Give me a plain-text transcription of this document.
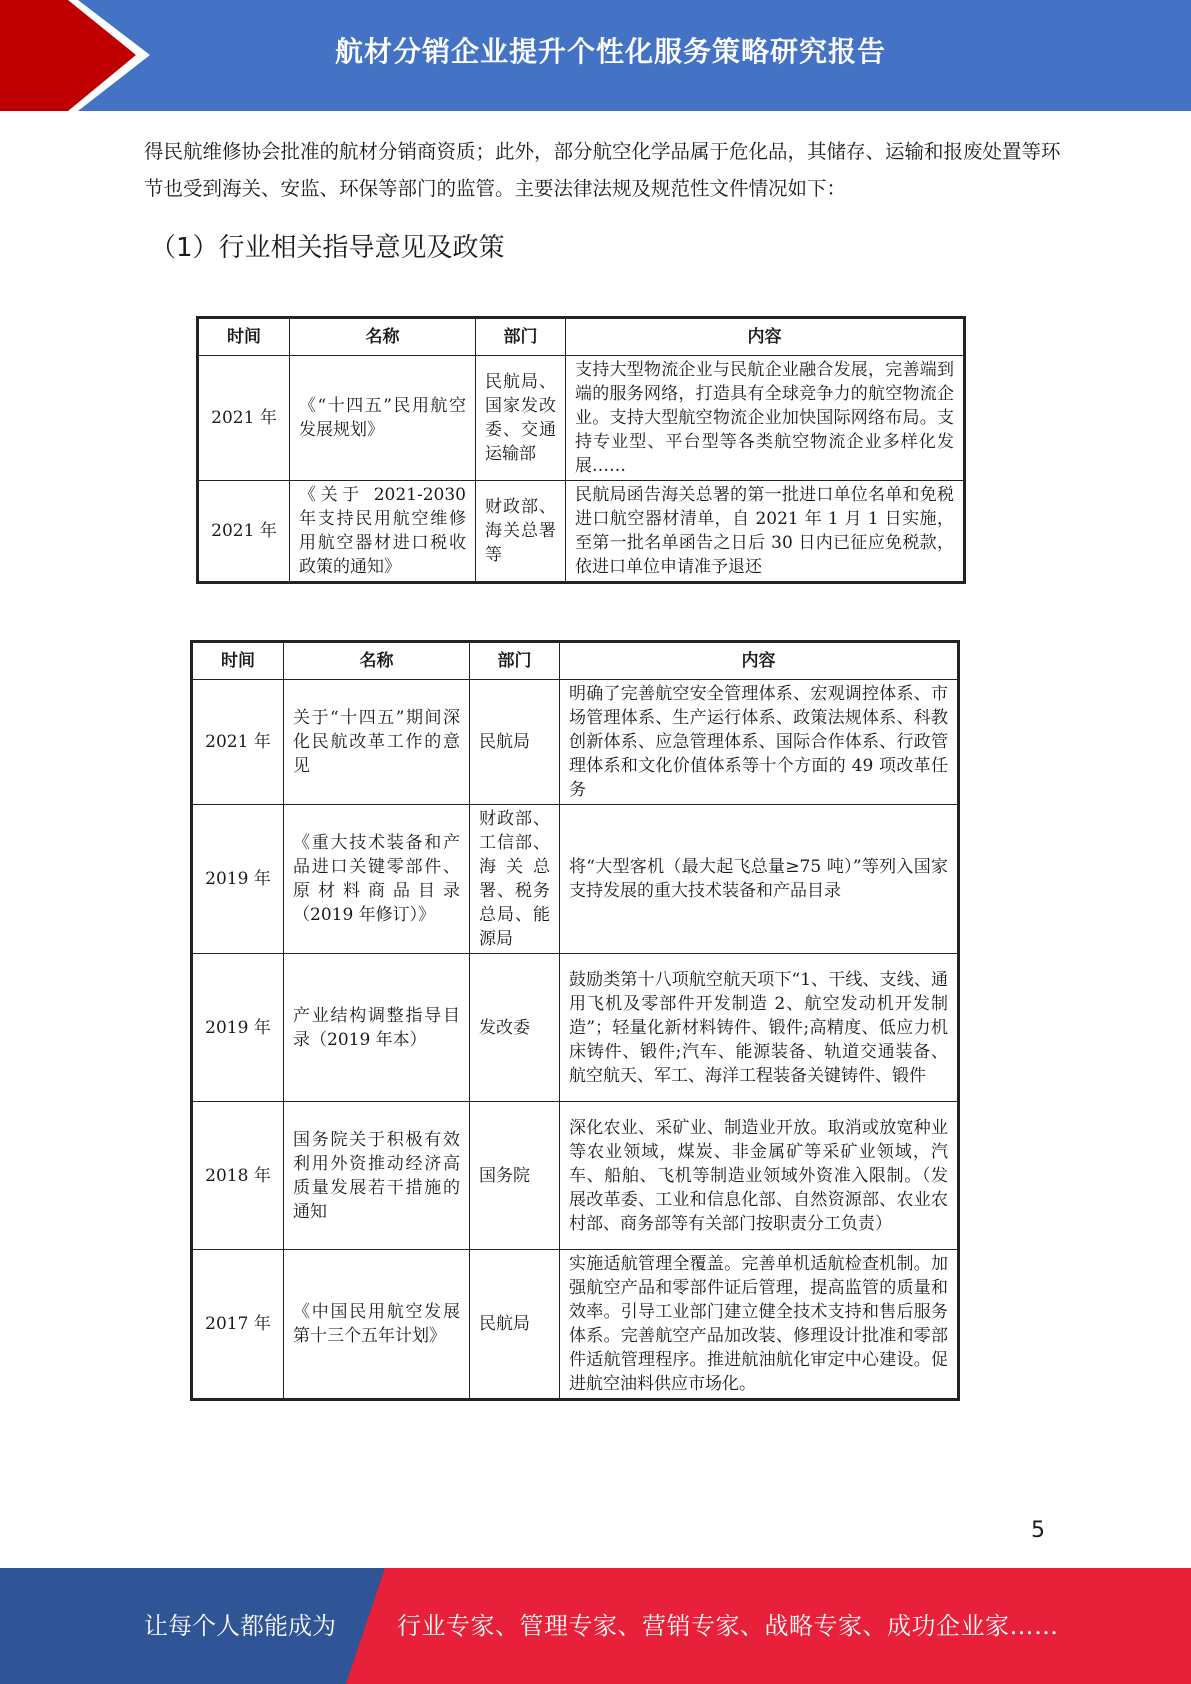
航材分销企业提升个性化服务策略研究报告

得民航维修协会批准的航材分销商资质；此外，部分航空化学品属于危化品，其储存、运输和报废处置等环节也受到海关、安监、环保等部门的监管。主要法律法规及规范性文件情况如下：

（1）行业相关指导意见及政策
时间	名称	部门	内容
2021 年	《“十四五”民用航空发展规划》	民航局、国家发改委、交通运输部	支持大型物流企业与民航企业融合发展，完善端到端的服务网络，打造具有全球竞争力的航空物流企业。支持大型航空物流企业加快国际网络布局。支持专业型、平台型等各类航空物流企业多样化发展……
2021 年	《关于 2021-2030 年支持民用航空维修用航空器材进口税收政策的通知》	财政部、海关总署等	民航局函告海关总署的第一批进口单位名单和免税进口航空器材清单，自 2021 年 1 月 1 日实施，至第一批名单函告之日后 30 日内已征应免税款，依进口单位申请准予退还
时间	名称	部门	内容
2021 年	关于“十四五”期间深化民航改革工作的意见	民航局	明确了完善航空安全管理体系、宏观调控体系、市场管理体系、生产运行体系、政策法规体系、科教创新体系、应急管理体系、国际合作体系、行政管理体系和文化价值体系等十个方面的 49 项改革任务
2019 年	《重大技术装备和产品进口关键零部件、原材料商品目录（2019 年修订）》	财政部、工信部、海关总署、税务总局、能源局	将“大型客机（最大起飞总量≥75 吨）”等列入国家支持发展的重大技术装备和产品目录
2019 年	产业结构调整指导目录（2019 年本）	发改委	鼓励类第十八项航空航天项下“1、干线、支线、通用飞机及零部件开发制造 2、航空发动机开发制造”；轻量化新材料铸件、锻件;高精度、低应力机床铸件、锻件;汽车、能源装备、轨道交通装备、航空航天、军工、海洋工程装备关键铸件、锻件
2018 年	国务院关于积极有效利用外资推动经济高质量发展若干措施的通知	国务院	深化农业、采矿业、制造业开放。取消或放宽种业等农业领域，煤炭、非金属矿等采矿业领域，汽车、船舶、飞机等制造业领域外资准入限制。（发展改革委、工业和信息化部、自然资源部、农业农村部、商务部等有关部门按职责分工负责）
2017 年	《中国民用航空发展第十三个五年计划》	民航局	实施适航管理全覆盖。完善单机适航检查机制。加强航空产品和零部件证后管理，提高监管的质量和效率。引导工业部门建立健全技术支持和售后服务体系。完善航空产品加改装、修理设计批准和零部件适航管理程序。推进航油航化审定中心建设。促进航空油料供应市场化。
5
让每个人都能成为	行业专家、管理专家、营销专家、战略专家、成功企业家……
